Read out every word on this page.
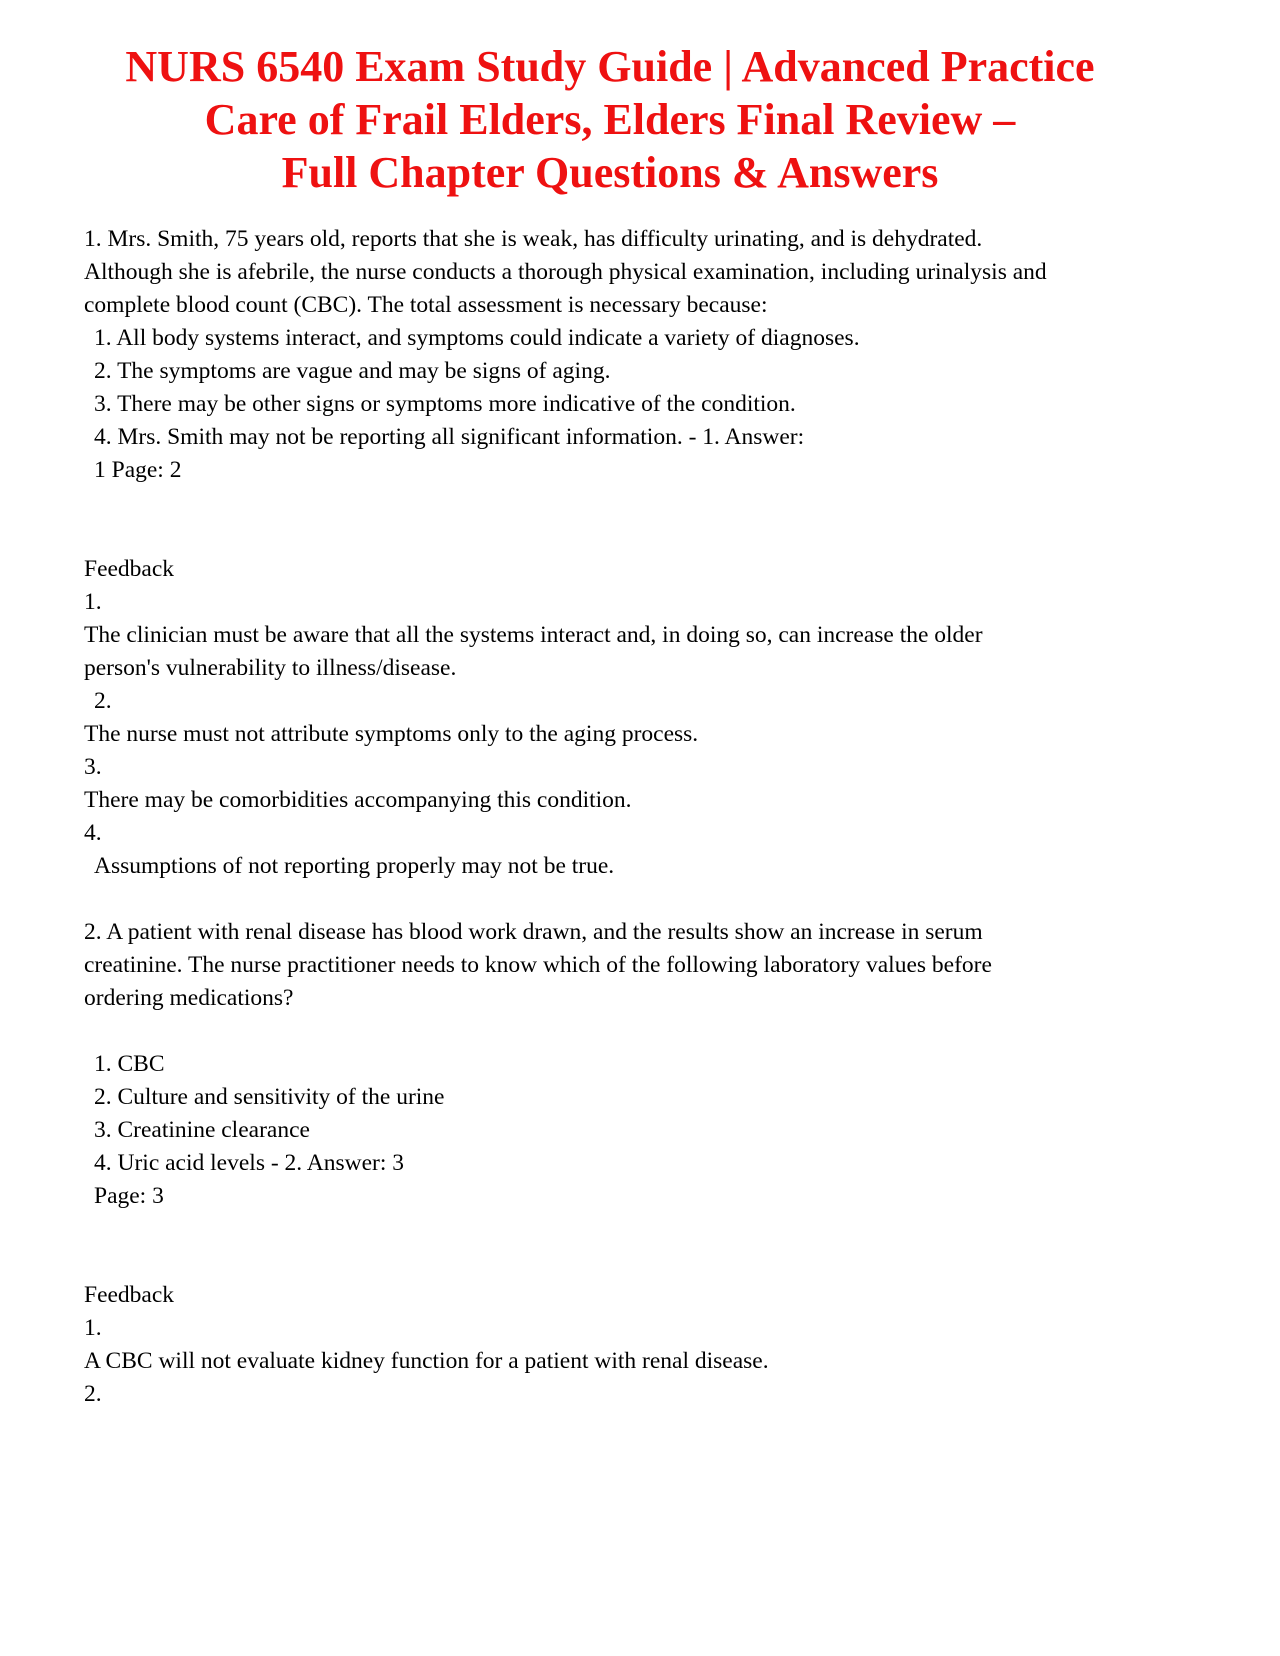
NURS 6540 Exam Study Guide | Advanced Practice
Care of Frail Elders, Elders Final Review –
Full Chapter Questions & Answers
1. Mrs. Smith, 75 years old, reports that she is weak, has difficulty urinating, and is dehydrated.
Although she is afebrile, the nurse conducts a thorough physical examination, including urinalysis and
complete blood count (CBC). The total assessment is necessary because:
1. All body systems interact, and symptoms could indicate a variety of diagnoses.
2. The symptoms are vague and may be signs of aging.
3. There may be other signs or symptoms more indicative of the condition.
4. Mrs. Smith may not be reporting all significant information. - 1. Answer:
1 Page: 2
Feedback
1.
The clinician must be aware that all the systems interact and, in doing so, can increase the older
person's vulnerability to illness/disease.
2.
The nurse must not attribute symptoms only to the aging process.
3.
There may be comorbidities accompanying this condition.
4.
Assumptions of not reporting properly may not be true.
2. A patient with renal disease has blood work drawn, and the results show an increase in serum
creatinine. The nurse practitioner needs to know which of the following laboratory values before
ordering medications?
1. CBC
2. Culture and sensitivity of the urine
3. Creatinine clearance
4. Uric acid levels - 2. Answer: 3
Page: 3
Feedback
1.
A CBC will not evaluate kidney function for a patient with renal disease.
2.
